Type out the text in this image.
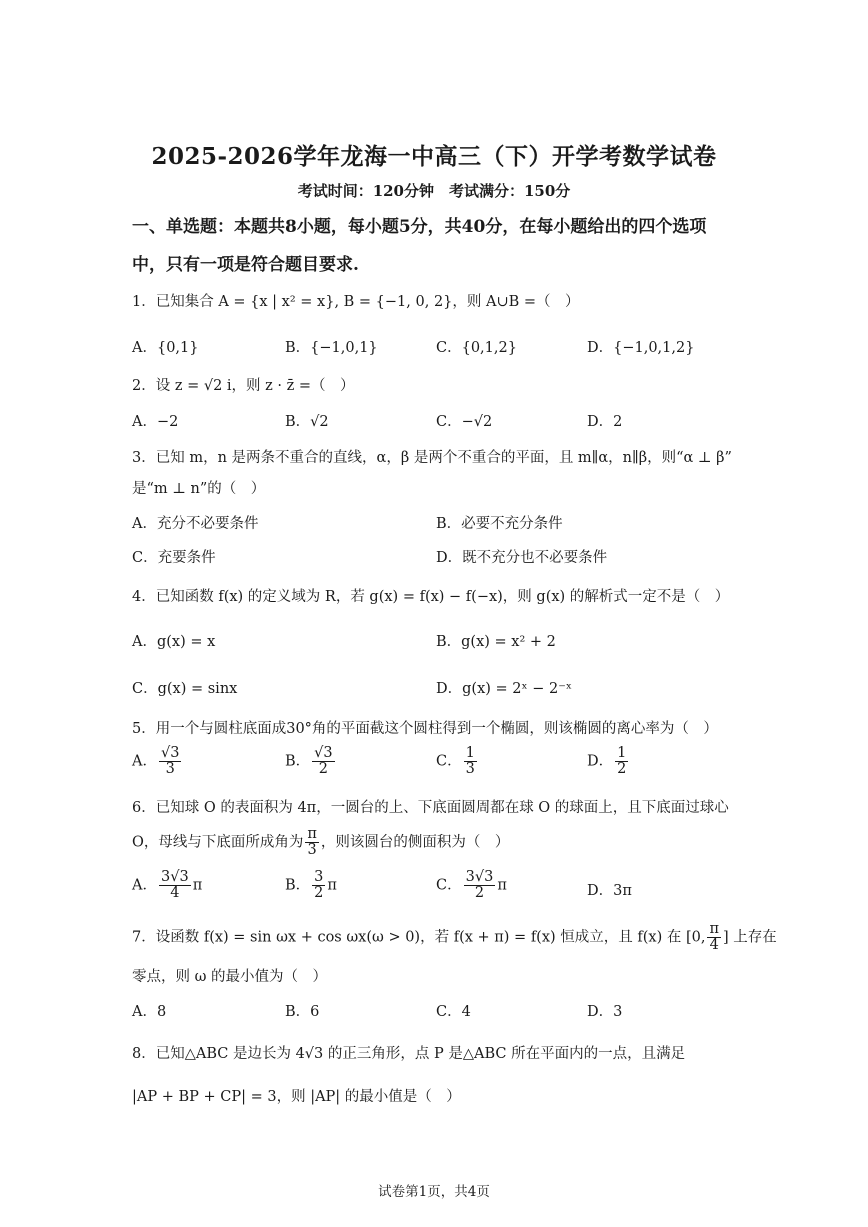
2025-2026学年龙海一中高三（下）开学考数学试卷
考试时间：120分钟　考试满分：150分
一、单选题：本题共8小题，每小题5分，共40分，在每小题给出的四个选项
中，只有一项是符合题目要求.
1．已知集合 A = {x | x² = x}, B = {−1, 0, 2}，则 A∪B =（　）
A．{0,1}	B．{−1,0,1}	C．{0,1,2}	D．{−1,0,1,2}
2．设 z = √2 i，则 z · z̄ =（　）
A．−2	B．√2	C．−√2	D．2
3．已知 m，n 是两条不重合的直线，α，β 是两个不重合的平面，且 m∥α，n∥β，则“α ⊥ β”
是“m ⊥ n”的（　）
A．充分不必要条件	B．必要不充分条件
C．充要条件	D．既不充分也不必要条件
4．已知函数 f(x) 的定义域为 R，若 g(x) = f(x) − f(−x)，则 g(x) 的解析式一定不是（　）
A．g(x) = x	B．g(x) = x² + 2
C．g(x) = sinx	D．g(x) = 2ˣ − 2⁻ˣ
5．用一个与圆柱底面成30°角的平面截这个圆柱得到一个椭圆，则该椭圆的离心率为（　）
A． $\frac{√3}{3}$	B． $\frac{√3}{2}$	C． $\frac{1}{3}$	D． $\frac{1}{2}$
6．已知球 O 的表面积为 4π，一圆台的上、下底面圆周都在球 O 的球面上，且下底面过球心
O，母线与下底面所成角为 $\frac{\pi}{3}$ ，则该圆台的侧面积为（　）
A． $\frac{3√3}{4}$ π	B． $\frac{3}{2}$ π	C． $\frac{3√3}{2}$ π	D．3π
7．设函数 f(x) = sin ωx + cos ωx(ω > 0)，若 f(x + π) = f(x) 恒成立，且 f(x) 在 [0, $\frac{\pi}{4}$ ] 上存在
零点，则 ω 的最小值为（　）
A．8	B．6	C．4	D．3
8．已知△ABC 是边长为 4√3 的正三角形，点 P 是△ABC 所在平面内的一点，且满足
|AP + BP + CP| = 3，则 |AP| 的最小值是（　）
试卷第1页，共4页
